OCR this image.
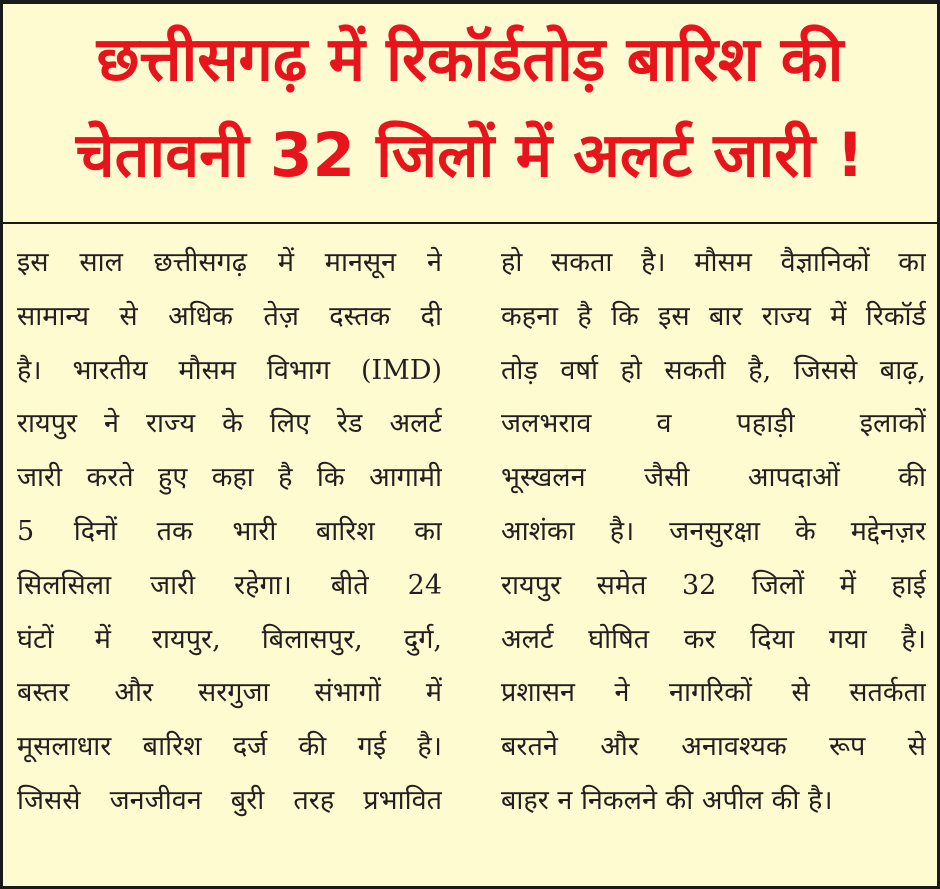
छत्तीसगढ़ में रिकॉर्डतोड़ बारिश की
चेतावनी 32 जिलों में अलर्ट जारी !
इस साल छत्तीसगढ़ में मानसून ने
सामान्य से अधिक तेज़ दस्तक दी
है। भारतीय मौसम विभाग (IMD)
रायपुर ने राज्य के लिए रेड अलर्ट
जारी करते हुए कहा है कि आगामी
5 दिनों तक भारी बारिश का
सिलसिला जारी रहेगा। बीते 24
घंटों में रायपुर, बिलासपुर, दुर्ग,
बस्तर और सरगुजा संभागों में
मूसलाधार बारिश दर्ज की गई है।
जिससे जनजीवन बुरी तरह प्रभावित
हो सकता है। मौसम वैज्ञानिकों का
कहना है कि इस बार राज्य में रिकॉर्ड
तोड़ वर्षा हो सकती है, जिससे बाढ़,
जलभराव व पहाड़ी इलाकों
भूस्खलन जैसी आपदाओं की
आशंका है। जनसुरक्षा के मद्देनज़र
रायपुर समेत 32 जिलों में हाई
अलर्ट घोषित कर दिया गया है।
प्रशासन ने नागरिकों से सतर्कता
बरतने और अनावश्यक रूप से
बाहर न निकलने की अपील की है।
